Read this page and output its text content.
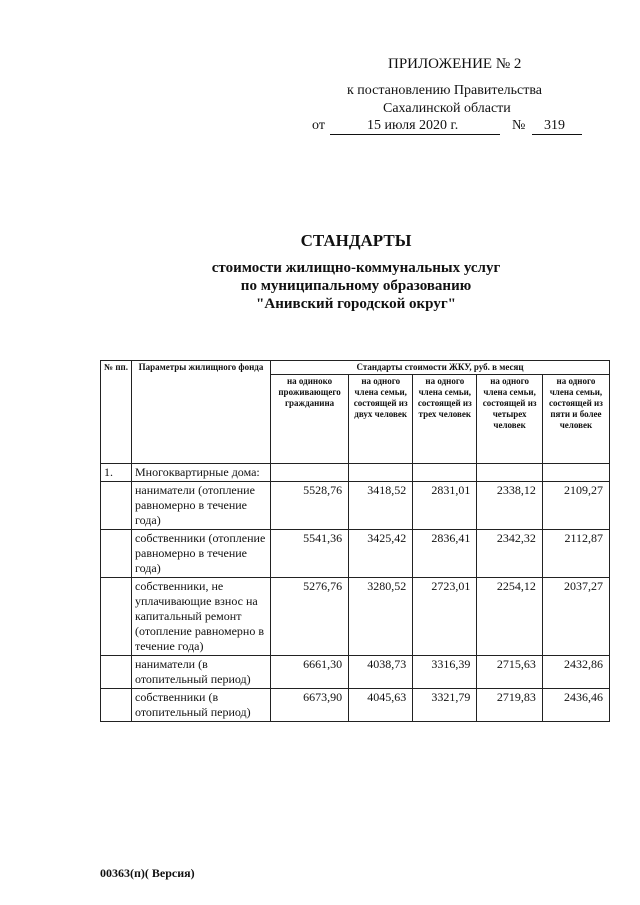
ПРИЛОЖЕНИЕ № 2
к постановлению Правительства
Сахалинской области
от	15 июля 2020 г.	№ 319
СТАНДАРТЫ
стоимости жилищно-коммунальных услуг
по муниципальному образованию
"Анивский городской округ"
№ пп.	Параметры жилищного фонда	Стандарты стоимости ЖКУ, руб. в месяц				
		на одиноко проживающего гражданина	на одного члена семьи, состоящей из двух человек	на одного члена семьи, состоящей из трех человек	на одного члена семьи, состоящей из четырех человек	на одного члена семьи, состоящей из пяти и более человек
1.	Многоквартирные дома:					
	наниматели (отопление равномерно в течение года)	5528,76	3418,52	2831,01	2338,12	2109,27
	собственники (отопление равномерно в течение года)	5541,36	3425,42	2836,41	2342,32	2112,87
	собственники, не уплачивающие взнос на капитальный ремонт (отопление равномерно в течение года)	5276,76	3280,52	2723,01	2254,12	2037,27
	наниматели (в отопительный период)	6661,30	4038,73	3316,39	2715,63	2432,86
	собственники (в отопительный период)	6673,90	4045,63	3321,79	2719,83	2436,46
00363(п)( Версия)
